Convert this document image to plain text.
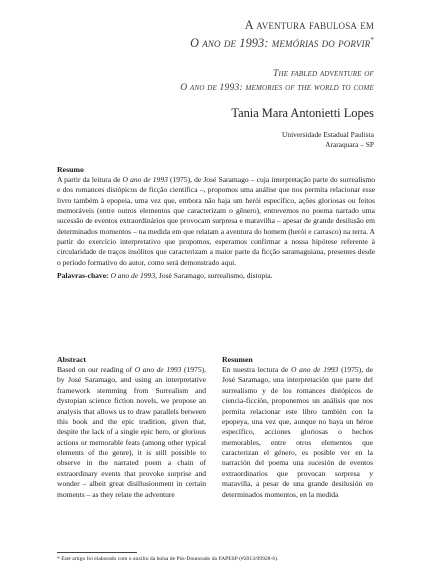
A aventura fabulosa em
O ano de 1993: memórias do porvir*
The fabled adventure of
O ano de 1993: memories of the world to come
Tania Mara Antonietti Lopes
Universidade Estadual Paulista
Araraquara – SP
Resumo

A partir da leitura de O ano de 1993 (1975), de José Saramago – cuja interpretação parte do surrealismo e dos romances distópicos de ficção científica –, propomos uma análise que nos permita relacionar esse livro também à epopeia, uma vez que, embora não haja um herói específico, ações gloriosas ou feitos memoráveis (entre outros elementos que caracterizam o gênero), entrevemos no poema narrado uma sucessão de eventos extraordinários que provocam surpresa e maravilha – apesar de grande desilusão em determinados momentos – na medida em que relatam a aventura do homem (herói e carrasco) na terra. A partir do exercício interpretativo que propomos, esperamos confirmar a nossa hipótese referente à circularidade de traços insólitos que caracterizam a maior parte da ficção saramaguiana, presentes desde o período formativo do autor, como será demonstrado aqui.

Palavras-chave: O ano de 1993, José Saramago, surrealismo, distopia.
Abstract

Based on our reading of O ano de 1993 (1975), by José Saramago, and using an interpretative framework stemming from Surrealism and dystopian science fiction novels, we propose an analysis that allows us to draw parallels between this book and the epic tradition, given that, despite the lack of a single epic hero, or glorious actions or memorable feats (among other typical elements of the genre), it is still possible to observe in the narrated poem a chain of extraordinary events that provoke surprise and wonder – albeit great disillusionment in certain moments – as they relate the adventure

Resumen

En nuestra lectura de O ano de 1993 (1975), de José Saramago, una interpretación que parte del surrealismo y de los romances distópicos de ciencia-ficción, proponemos un análisis que nos permita relacionar este libro también con la epopeya, una vez que, aunque no haya un héroe específico, acciones gloriosas o hechos memorables, entre otros elementos que caracterizan el género, es posible ver en la narración del poema una sucesión de eventos extraordinarios que provocan sorpresa y maravilla, a pesar de una grande desilusión en determinados momentos, en la medida

* Este artigo foi elaborado com o auxílio da bolsa de Pós-Doutorado da FAPESP (#2013/09928-6).
